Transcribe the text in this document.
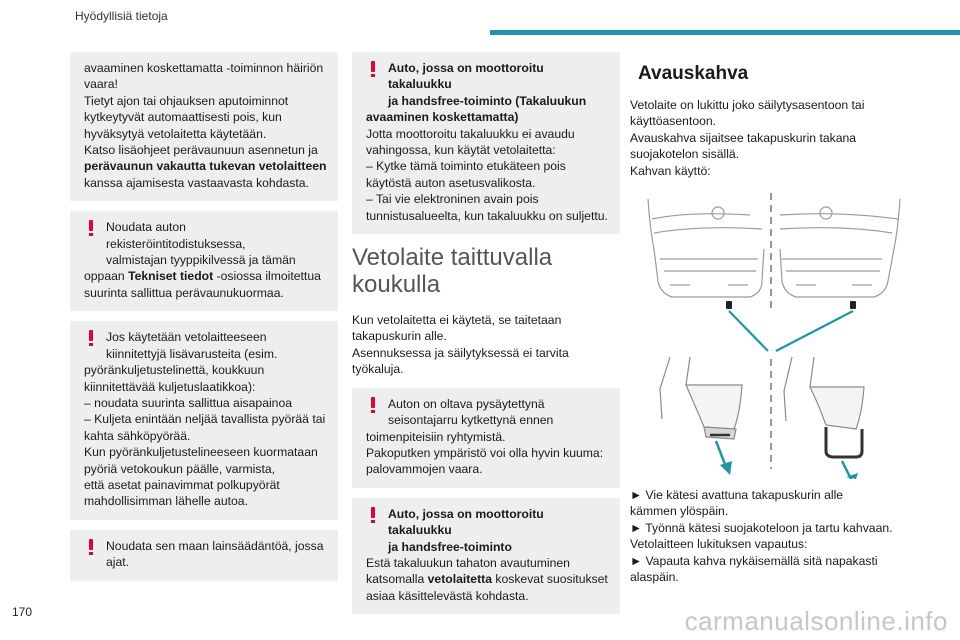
Hyödyllisiä tietoja
avaaminen koskettamatta -toiminnon häiriön
vaara!
Tietyt ajon tai ohjauksen aputoiminnot
kytkeytyvät automaattisesti pois, kun
hyväksytyä vetolaitetta käytetään.
Katso lisäohjeet perävaunuun asennetun ja
perävaunun vakautta tukevan vetolaitteen
kanssa ajamisesta vastaavasta kohdasta.
Noudata auton rekisteröintitodistuksessa,
valmistajan tyyppikilvessä ja tämän
oppaan Tekniset tiedot -osiossa ilmoitettua
suurinta sallittua perävaunukuormaa.
Jos käytetään vetolaitteeseen
kiinnitettyjä lisävarusteita (esim.
pyöränkuljetustelinettä, koukkuun
kiinnitettävää kuljetuslaatikkoa):
– noudata suurinta sallittua aisapainoa
– Kuljeta enintään neljää tavallista pyörää tai
kahta sähköpyörää.
Kun pyöränkuljetustelineeseen kuormataan
pyöriä vetokoukun päälle, varmista,
että asetat painavimmat polkupyörät
mahdollisimman lähelle autoa.
Noudata sen maan lainsäädäntöä, jossa
ajat.
Auto, jossa on moottoroitu takaluukku
ja handsfree-toiminto (Takaluukun
avaaminen koskettamatta)
Jotta moottoroitu takaluukku ei avaudu
vahingossa, kun käytät vetolaitetta:
– Kytke tämä toiminto etukäteen pois
käytöstä auton asetusvalikosta.
– Tai vie elektroninen avain pois
tunnistusalueelta, kun takaluukku on suljettu.
Vetolaite taittuvalla
koukulla

Kun vetolaitetta ei käytetä, se taitetaan
takapuskurin alle.
Asennuksessa ja säilytyksessä ei tarvita
työkaluja.

Auton on oltava pysäytettynä
seisontajarru kytkettynä ennen
toimenpiteisiin ryhtymistä.
Pakoputken ympäristö voi olla hyvin kuuma:
palovammojen vaara.
Auto, jossa on moottoroitu takaluukku
ja handsfree-toiminto
Estä takaluukun tahaton avautuminen
katsomalla vetolaitetta koskevat suositukset
asiaa käsittelevästä kohdasta.
Avauskahva

Vetolaite on lukittu joko säilytysasentoon tai
käyttöasentoon.
Avauskahva sijaitsee takapuskurin takana
suojakotelon sisällä.
Kahvan käyttö:

► Vie kätesi avattuna takapuskurin alle
kämmen ylöspäin.
► Työnnä kätesi suojakoteloon ja tartu kahvaan.
Vetolaitteen lukituksen vapautus:
► Vapauta kahva nykäisemällä sitä napakasti
alaspäin.

170	carmanualsonline.info
